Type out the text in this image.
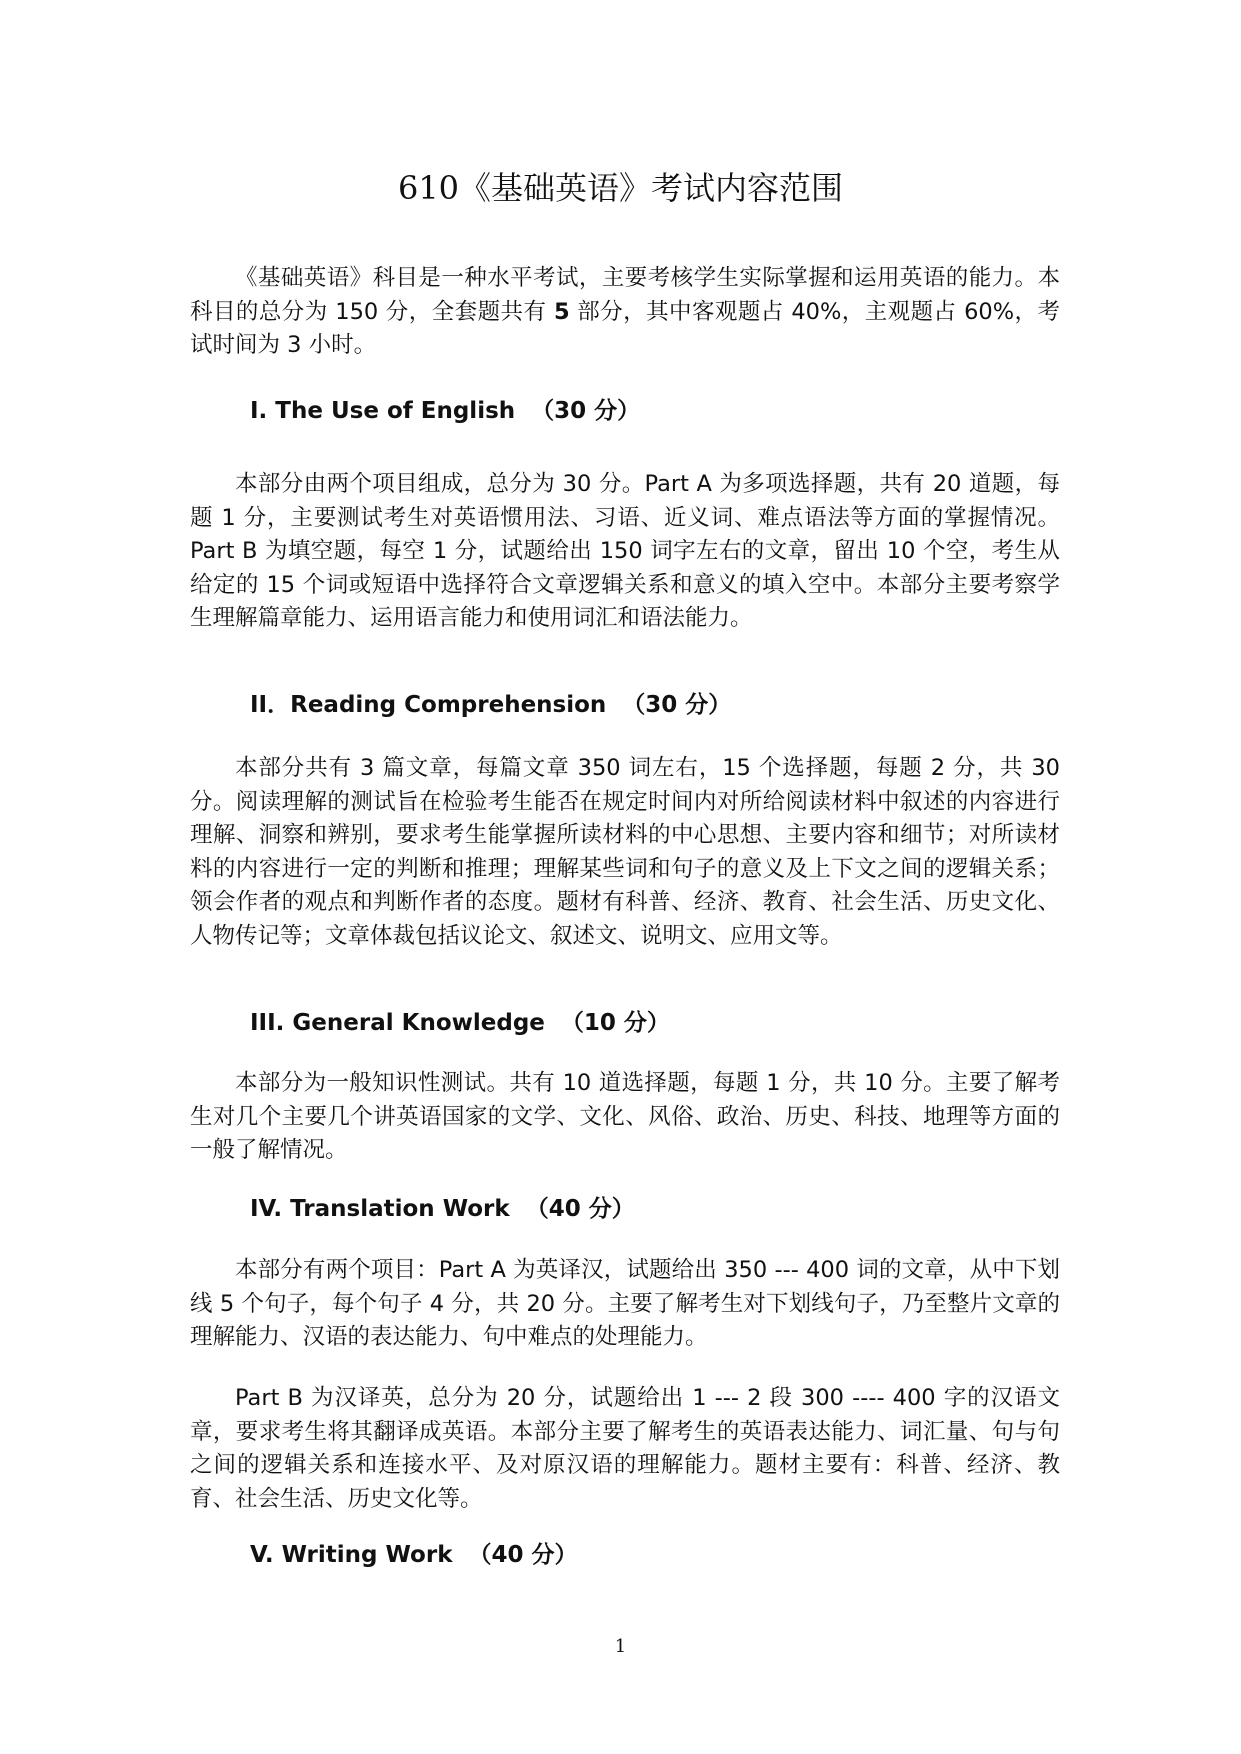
610《基础英语》考试内容范围

《基础英语》科目是一种水平考试，主要考核学生实际掌握和运用英语的能力。本科目的总分为 150 分，全套题共有 5 部分，其中客观题占 40%，主观题占 60%，考试时间为 3 小时。

I. The Use of English （30 分）

本部分由两个项目组成，总分为 30 分。Part A 为多项选择题，共有 20 道题，每题 1 分，主要测试考生对英语惯用法、习语、近义词、难点语法等方面的掌握情况。Part B 为填空题，每空 1 分，试题给出 150 词字左右的文章，留出 10 个空，考生从给定的 15 个词或短语中选择符合文章逻辑关系和意义的填入空中。本部分主要考察学生理解篇章能力、运用语言能力和使用词汇和语法能力。

II．Reading Comprehension （30 分）

本部分共有 3 篇文章，每篇文章 350 词左右，15 个选择题，每题 2 分，共 30 分。阅读理解的测试旨在检验考生能否在规定时间内对所给阅读材料中叙述的内容进行理解、洞察和辨别，要求考生能掌握所读材料的中心思想、主要内容和细节；对所读材料的内容进行一定的判断和推理；理解某些词和句子的意义及上下文之间的逻辑关系；领会作者的观点和判断作者的态度。题材有科普、经济、教育、社会生活、历史文化、人物传记等；文章体裁包括议论文、叙述文、说明文、应用文等。

III. General Knowledge （10 分）

本部分为一般知识性测试。共有 10 道选择题，每题 1 分，共 10 分。主要了解考生对几个主要几个讲英语国家的文学、文化、风俗、政治、历史、科技、地理等方面的一般了解情况。

IV. Translation Work （40 分）

本部分有两个项目：Part A 为英译汉，试题给出 350 --- 400 词的文章，从中下划线 5 个句子，每个句子 4 分，共 20 分。主要了解考生对下划线句子，乃至整片文章的理解能力、汉语的表达能力、句中难点的处理能力。

Part B 为汉译英，总分为 20 分，试题给出 1 --- 2 段 300 ---- 400 字的汉语文章，要求考生将其翻译成英语。本部分主要了解考生的英语表达能力、词汇量、句与句之间的逻辑关系和连接水平、及对原汉语的理解能力。题材主要有：科普、经济、教育、社会生活、历史文化等。

V. Writing Work （40 分）
1
